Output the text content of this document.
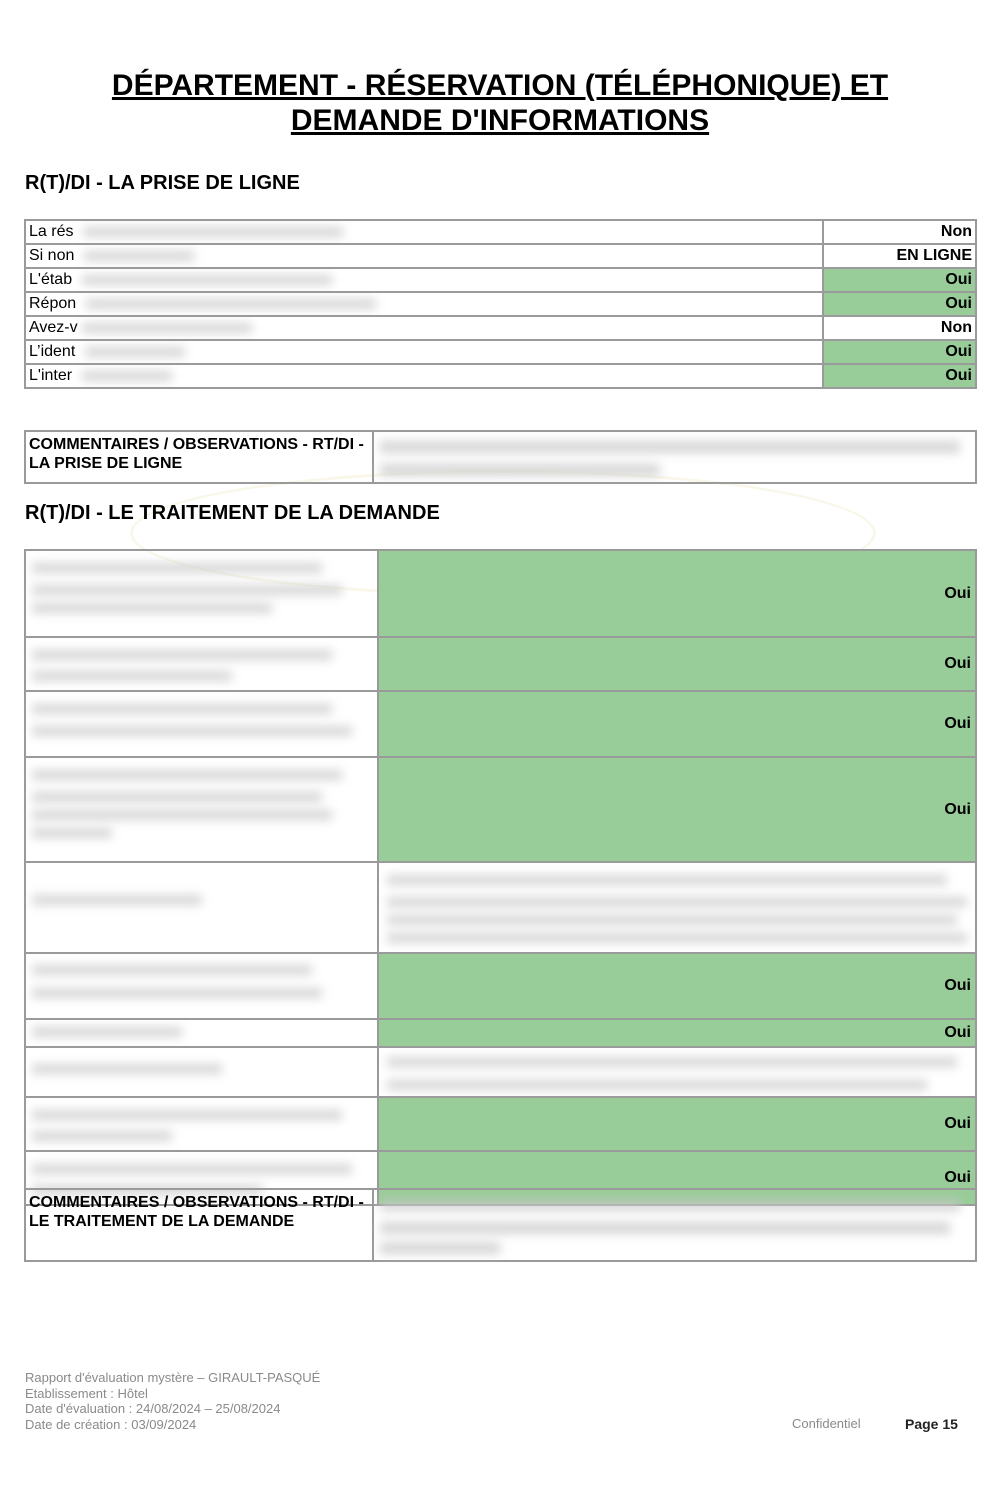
DÉPARTEMENT - RÉSERVATION (TÉLÉPHONIQUE) ET
DEMANDE D'INFORMATIONS
R(T)/DI - LA PRISE DE LIGNE
La rés	Non
Si non	EN LIGNE
L'étab	Oui
Répon	Oui
Avez-v	Non
L’ident	Oui
L'inter	Oui
COMMENTAIRES / OBSERVATIONS - RT/DI - LA PRISE DE LIGNE	
R(T)/DI - LE TRAITEMENT DE LA DEMANDE
	Oui
	Oui
	Oui
	Oui

	Oui
	Oui

	Oui
	Oui
COMMENTAIRES / OBSERVATIONS - RT/DI - LE TRAITEMENT DE LA DEMANDE	
Rapport d'évaluation mystère – GIRAULT-PASQUÉ
Etablissement : Hôtel
Date d'évaluation : 24/08/2024 – 25/08/2024
Date de création : 03/09/2024	Confidentiel	Page 15
